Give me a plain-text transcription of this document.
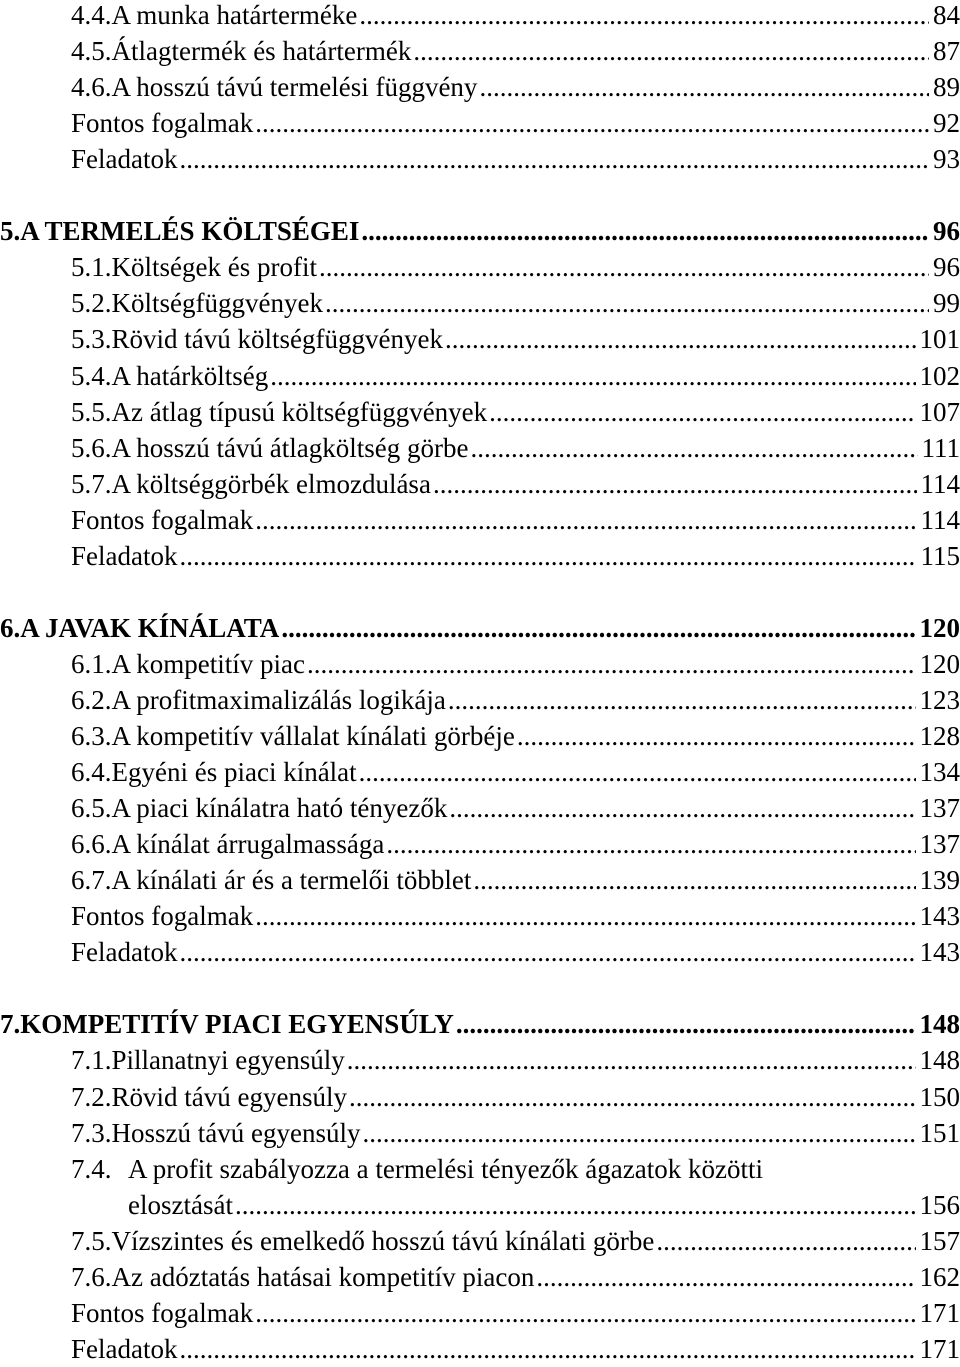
4.4. A munka határterméke .....	84
4.5. Átlagtermék és határtermék .....	87
4.6. A hosszú távú termelési függvény .....	89
Fontos fogalmak .....	92
Feladatok .....	93
5. A TERMELÉS KÖLTSÉGEI .....	96
5.1. Költségek és profit .....	96
5.2. Költségfüggvények .....	99
5.3. Rövid távú költségfüggvények .....	101
5.4. A határköltség .....	102
5.5. Az átlag típusú költségfüggvények .....	107
5.6. A hosszú távú átlagköltség görbe .....	111
5.7. A költséggörbék elmozdulása .....	114
Fontos fogalmak .....	114
Feladatok .....	115
6. A JAVAK KÍNÁLATA .....	120
6.1. A kompetitív piac .....	120
6.2. A profitmaximalizálás logikája .....	123
6.3. A kompetitív vállalat kínálati görbéje .....	128
6.4. Egyéni és piaci kínálat .....	134
6.5. A piaci kínálatra ható tényezők .....	137
6.6. A kínálat árrugalmassága .....	137
6.7. A kínálati ár és a termelői többlet .....	139
Fontos fogalmak .....	143
Feladatok .....	143
7. KOMPETITÍV PIACI EGYENSÚLY .....	148
7.1. Pillanatnyi egyensúly .....	148
7.2. Rövid távú egyensúly .....	150
7.3. Hosszú távú egyensúly .....	151
7.4. A profit szabályozza a termelési tényezők ágazatok közötti
elosztását .....	156
7.5. Vízszintes és emelkedő hosszú távú kínálati görbe .....	157
7.6. Az adóztatás hatásai kompetitív piacon .....	162
Fontos fogalmak .....	171
Feladatok .....	171
